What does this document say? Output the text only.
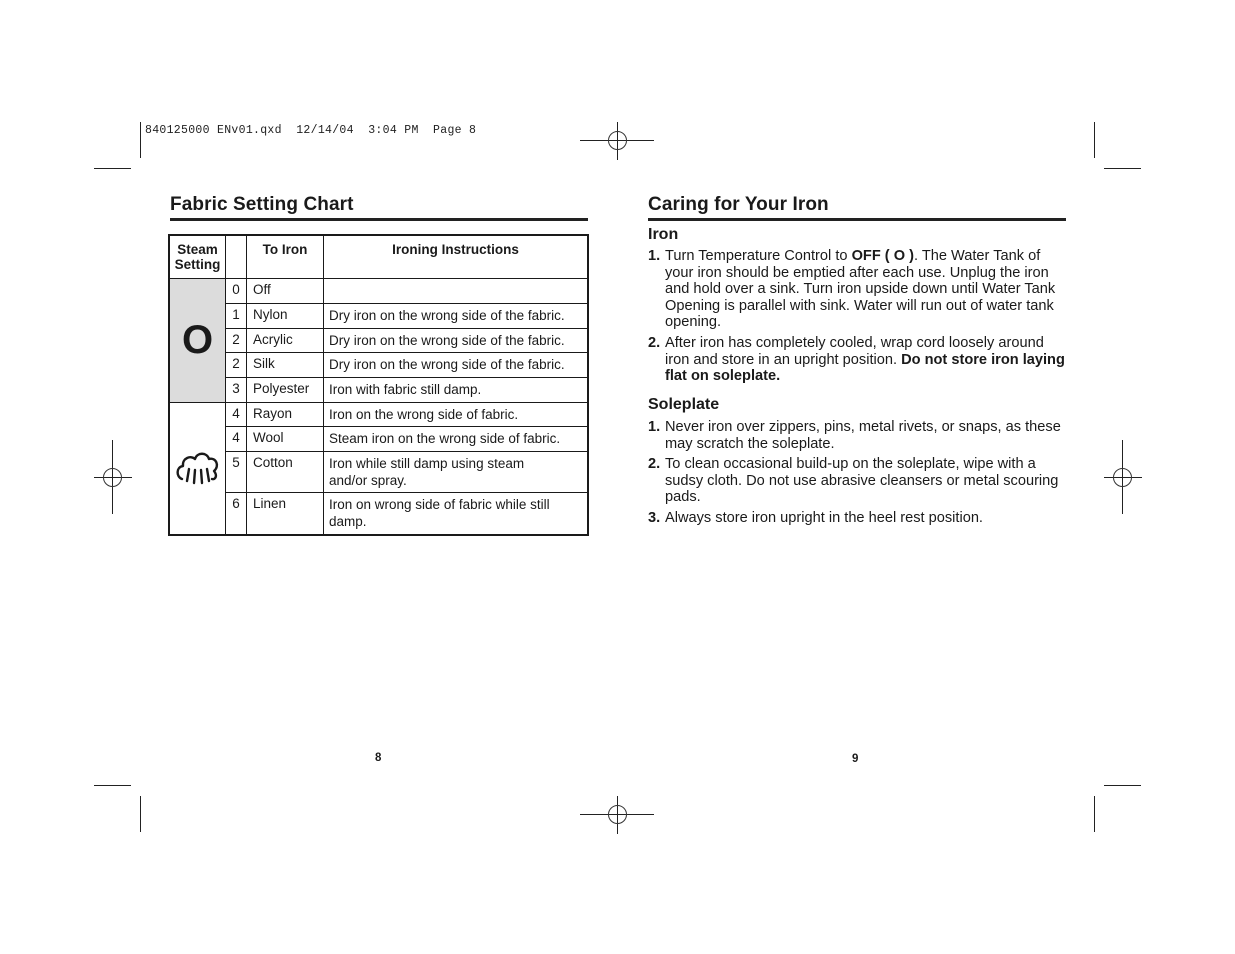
840125000 ENv01.qxd  12/14/04  3:04 PM  Page 8
Fabric Setting Chart
Steam Setting		To Iron	Ironing Instructions
O	0	Off	
	1	Nylon	Dry iron on the wrong side of the fabric.
	2	Acrylic	Dry iron on the wrong side of the fabric.
	2	Silk	Dry iron on the wrong side of the fabric.
	3	Polyester	Iron with fabric still damp.

	4	Rayon	Iron on the wrong side of fabric.
	4	Wool	Steam iron on the wrong side of fabric.
	5	Cotton	Iron while still damp using steam and/or spray.
	6	Linen	Iron on wrong side of fabric while still damp.
8
Caring for Your Iron
Iron
1. Turn Temperature Control to OFF ( O ). The Water Tank of your iron should be emptied after each use. Unplug the iron and hold over a sink. Turn iron upside down until Water Tank Opening is parallel with sink. Water will run out of water tank opening.
2. After iron has completely cooled, wrap cord loosely around iron and store in an upright position. Do not store iron laying flat on soleplate.
Soleplate
1. Never iron over zippers, pins, metal rivets, or snaps, as these may scratch the soleplate.
2. To clean occasional build-up on the soleplate, wipe with a sudsy cloth. Do not use abrasive cleansers or metal scouring pads.
3. Always store iron upright in the heel rest position.
9
